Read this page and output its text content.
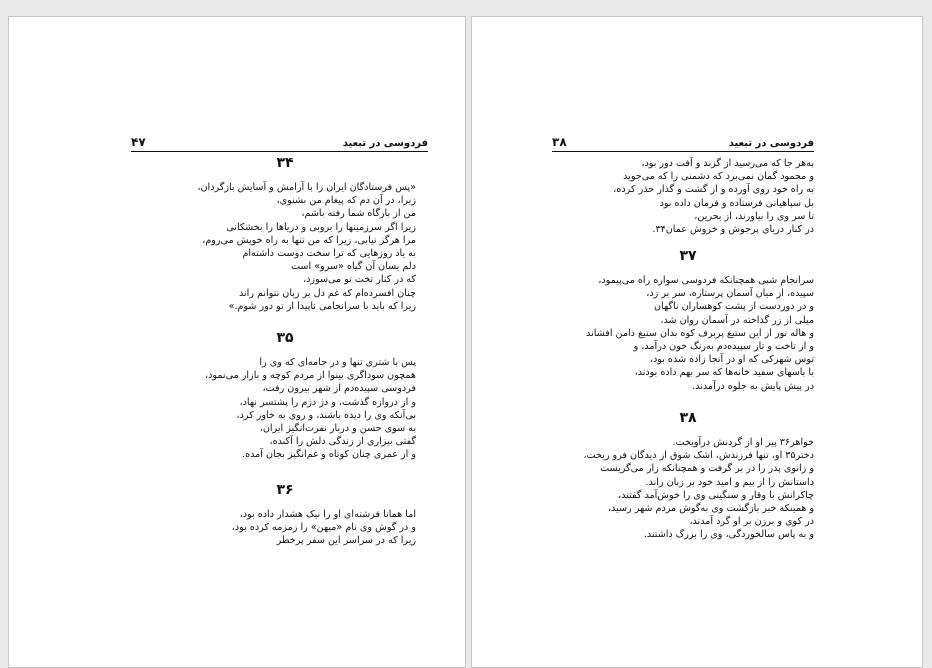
فردوسی در تبعید
۴۷
۳۴
«پس فرستادگان ایران را با آرامش و آسایش بازگردان،
زیرا، در آن دم که پیغام من بشنوی،
من از بارگاه شما رفته باشم،
زیرا اگر سرزمینها را بروبی و دریاها را بخشکانی
مرا هرگز نیابی، زیرا که من تنها به راه خویش می‌روم،
به یاد روزهایی که ترا سخت دوست داشته‌ام
دلم بسان آن گیاه «سرو» است
که در کنار تخت تو می‌سوزد،
چنان افسرده‌ام که غم دل بر زبان نتوانم راند
زیرا که باید با سرانجامی ناپیدا از تو دور شوم.»
۳۵
پس با شتری تنها و در جامه‌ای که وی را
همچون سوداگری بینوا از مردم کوچه و بازار می‌نمود،
فردوسی سپیده‌دم از شهر بیرون رفت،
و از دروازه گذشت، و دژ دژم را پشتسر نهاد،
بی‌آنکه وی را دیده باشند، و روی به خاور کرد،
به سوی حسن و دربار نفرت‌انگیز ایران،
گفتی بیزاری از زندگی دلش را آکنده،
و از عمری چنان کوتاه و غم‌انگیز بجان آمده.
۳۶
اما همانا فرشته‌ای او را نیک هشدار داده بود،
و در گوش وی نام «میهن» را زمزمه کرده بود،
زیرا که در سراسر این سفر پرخطر
فردوسی در تبعید
۳۸
به‌هر جا که می‌رسید از گزند و آفت دور بود،
و محمود گمان نمی‌برد که دشمنی را که می‌جوید
به راه خود روی آورده و از گشت و گذار حذر کرده،
بل سپاهیانی فرستاده و فرمان داده بود
تا سر وی را بیاورند، از بحرین،
در کنار دریای پرجوش و خروش عمان۳۴.
۳۷
سرانجام شبی همچنانکه فردوسی سواره راه می‌پیمود،
سپیده، از میان آسمان پرستاره، سر بر زد،
و در دوردست از پشت کوهساران ناگهان
میلی از زر گداخته در آسمان روان شد،
و هاله نور از این ستیغ پربرف کوه بدان ستیغ دامن افشاند
و از تاخت و تاز سپیده‌دم به‌رنگ خون درآمد، و
توس شهرکی که او در آنجا زاده شده بود،
با باسهای سفید خانه‌ها که سر بهم داده بودند،
در پیش پایش به جلوه درآمدند.
۳۸
خواهر۳۶ پیر او از گردنش درآویخت.
دختر۳۵ او، تنها فرزندش، اشک شوق از دیدگان فرو ریخت،
و زانوی پدر را در بر گرفت و همچنانکه زار می‌گریست
داستانش را از بیم و امید خود بر زبان راند.
چاکرانش با وقار و سنگینی وی را خوش‌آمد گفتند،
و همینکه خبر بازگشت وی به‌گوش مردم شهر رسید،
در کوی و برزن بر او گرد آمدند،
و به پاس سالخوردگی، وی را بزرگ داشتند.
